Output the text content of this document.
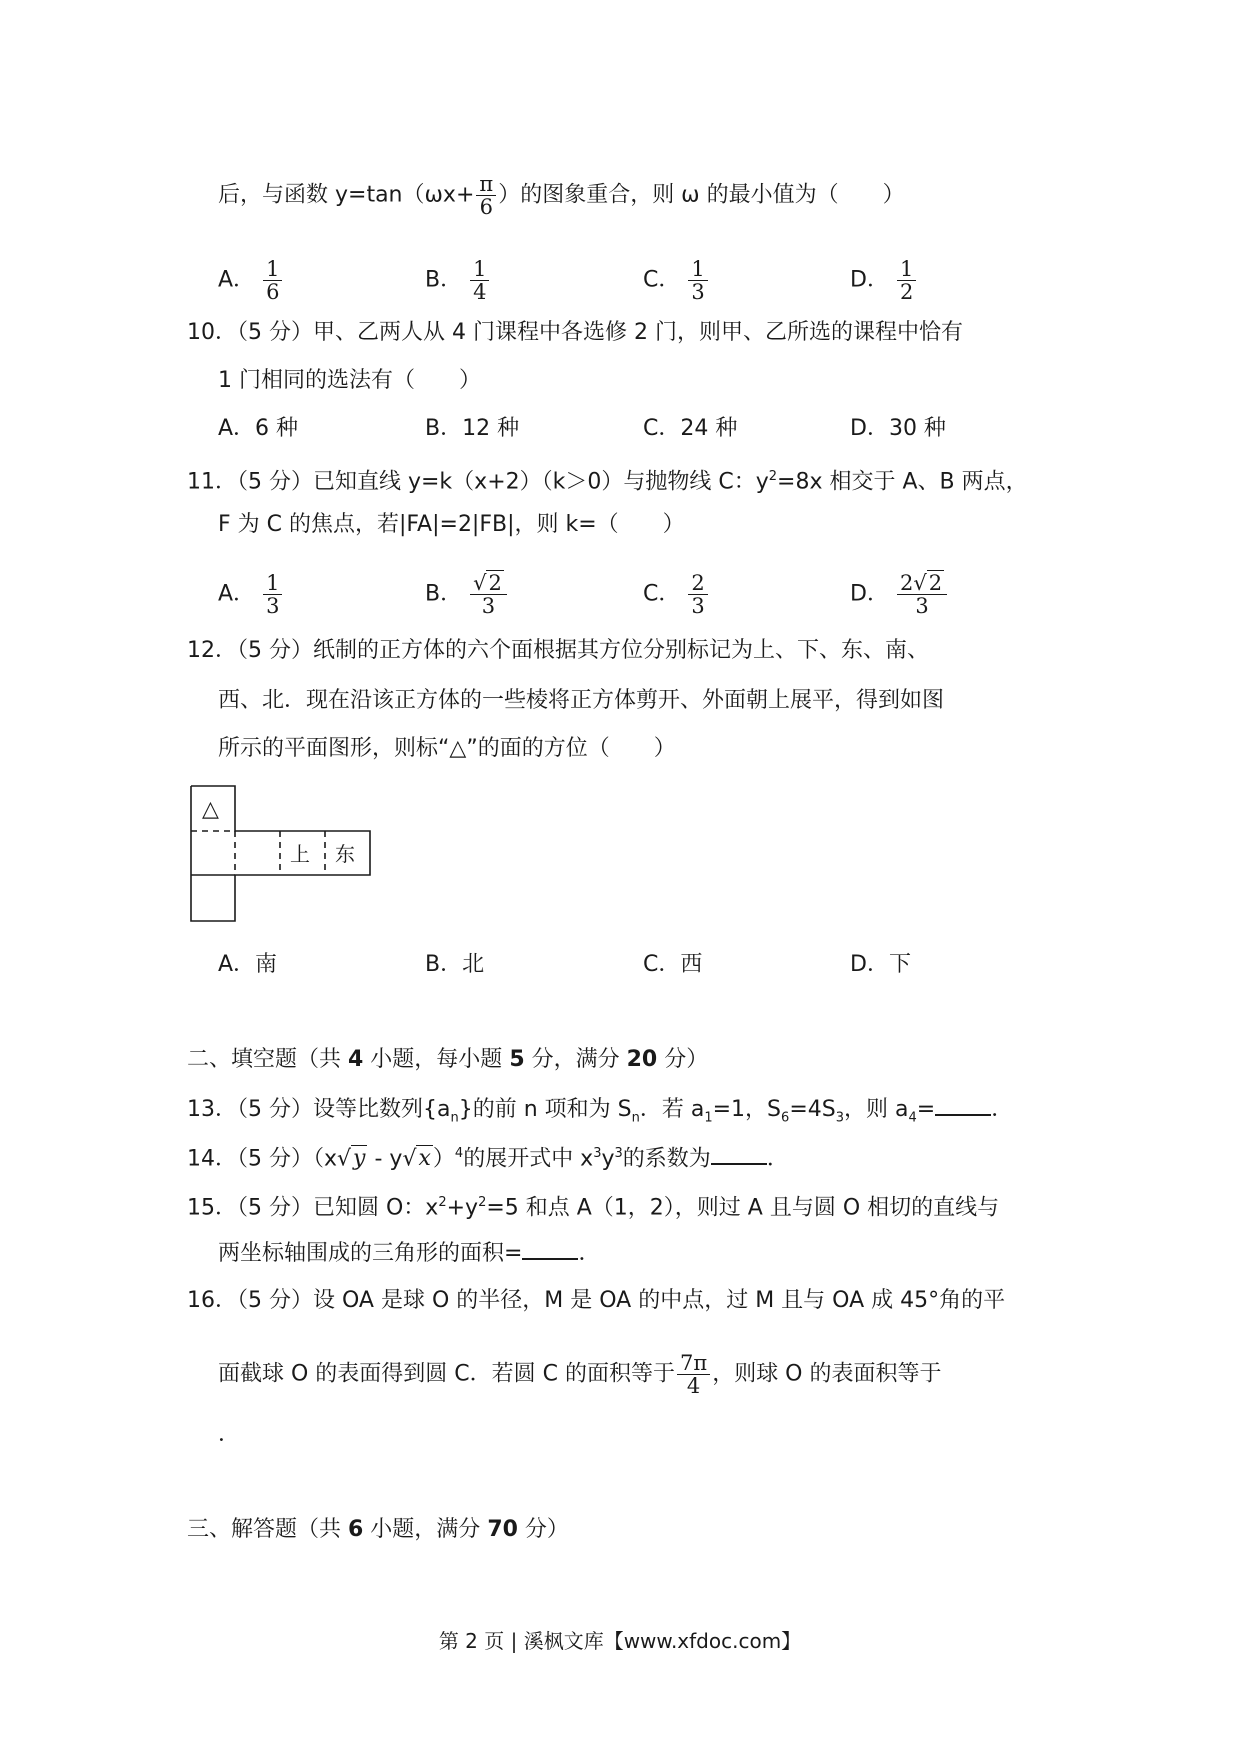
后，与函数 $y=\tan(\omega x+ \frac{\pi}{6}$ ）的图象重合，则 ω 的最小值为（　　）
A． $\frac{1}{6}$	B． $\frac{1}{4}$	C． $\frac{1}{3}$	D． $\frac{1}{2}$
10．（5 分）甲、乙两人从 4 门课程中各选修 2 门，则甲、乙所选的课程中恰有
1 门相同的选法有（　　）
A．6 种	B．12 种	C．24 种	D．30 种
11．（5 分）已知直线 y=k（x+2）（k＞0）与抛物线 C：$y^2=8x$ 相交于 A、B 两点，
F 为 C 的焦点，若|FA|=2|FB|，则 k=（　　）
A． $\frac{1}{3}$	B． $\frac{√2}{3}$	C． $\frac{2}{3}$	D． $\frac{2√2}{3}$
12．（5 分）纸制的正方体的六个面根据其方位分别标记为上、下、东、南、
西、北．现在沿该正方体的一些棱将正方体剪开、外面朝上展平，得到如图
所示的平面图形，则标“△”的面的方位（　　）
△
上 东
A．南	B．北	C．西	D．下
二、填空题（共 4 小题，每小题 5 分，满分 20 分）
13．（5 分）设等比数列$\{a_n\}$的前 n 项和为 $S_n$．若 $a_1=1$，$S_6=4S_3$，则 $a_4=$	．
14．（5 分）（x√y - y√x）$^4$的展开式中 $x^3y^3$的系数为	．
15．（5 分）已知圆 O：$x^2+y^2=5$ 和点 A（1，2），则过 A 且与圆 O 相切的直线与
两坐标轴围成的三角形的面积=	．
16．（5 分）设 OA 是球 O 的半径，M 是 OA 的中点，过 M 且与 OA 成 45°角的平
面截球 O 的表面得到圆 C．若圆 C 的面积等于 $\frac{7\pi}{4}$ ，则球 O 的表面积等于
．
三、解答题（共 6 小题，满分 70 分）
第 2 页 | 溪枫文库【www.xfdoc.com】
